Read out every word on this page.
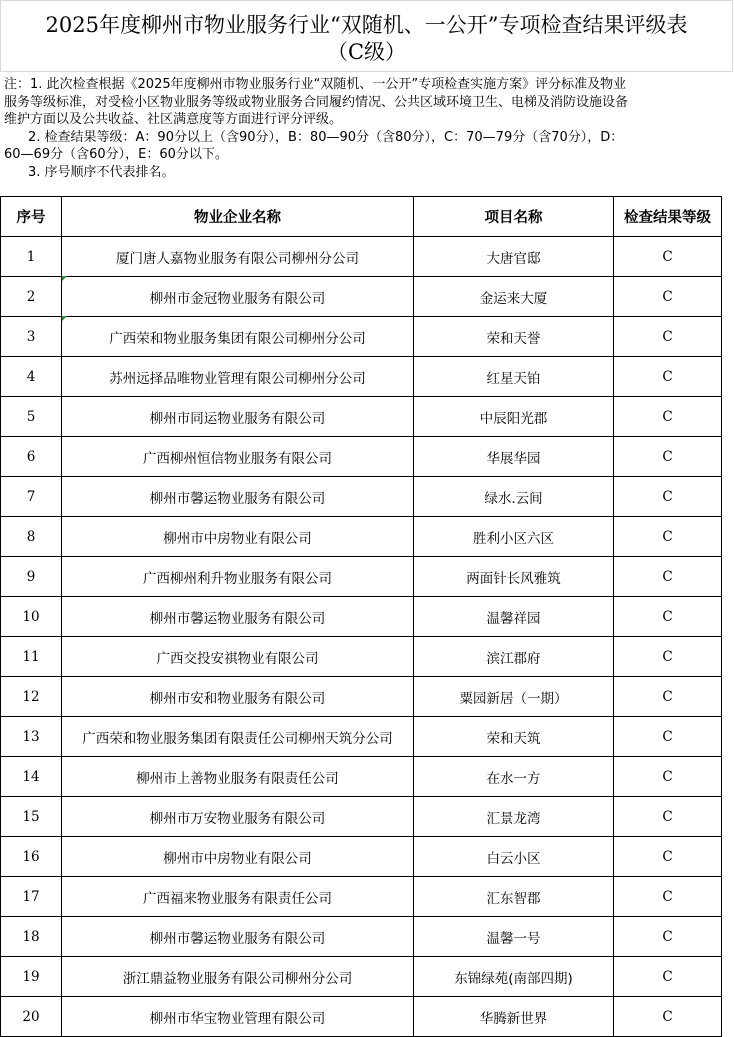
2025年度柳州市物业服务行业“双随机、一公开”专项检查结果评级表
（C级）
注：1. 此次检查根据《2025年度柳州市物业服务行业“双随机、一公开”专项检查实施方案》评分标准及物业
服务等级标准，对受检小区物业服务等级或物业服务合同履约情况、公共区域环境卫生、电梯及消防设施设备
维护方面以及公共收益、社区满意度等方面进行评分评级。
2. 检查结果等级：A：90分以上（含90分），B：80—90分（含80分），C：70—79分（含70分），D：
60—69分（含60分），E：60分以下。
3. 序号顺序不代表排名。
序号	物业企业名称	项目名称	检查结果等级
1	厦门唐人嘉物业服务有限公司柳州分公司	大唐官邸	C
2	柳州市金冠物业服务有限公司	金运来大厦	C
3	广西荣和物业服务集团有限公司柳州分公司	荣和天誉	C
4	苏州远择品唯物业管理有限公司柳州分公司	红星天铂	C
5	柳州市同运物业服务有限公司	中辰阳光郡	C
6	广西柳州恒信物业服务有限公司	华展华园	C
7	柳州市馨运物业服务有限公司	绿水.云间	C
8	柳州市中房物业有限公司	胜利小区六区	C
9	广西柳州利升物业服务有限公司	两面针长风雅筑	C
10	柳州市馨运物业服务有限公司	温馨祥园	C
11	广西交投安祺物业有限公司	滨江郡府	C
12	柳州市安和物业服务有限公司	粟园新居（一期）	C
13	广西荣和物业服务集团有限责任公司柳州天筑分公司	荣和天筑	C
14	柳州市上善物业服务有限责任公司	在水一方	C
15	柳州市万安物业服务有限公司	汇景龙湾	C
16	柳州市中房物业有限公司	白云小区	C
17	广西福来物业服务有限责任公司	汇东智郡	C
18	柳州市馨运物业服务有限公司	温馨一号	C
19	浙江鼎益物业服务有限公司柳州分公司	东锦绿苑(南部四期)	C
20	柳州市华宝物业管理有限公司	华腾新世界	C
